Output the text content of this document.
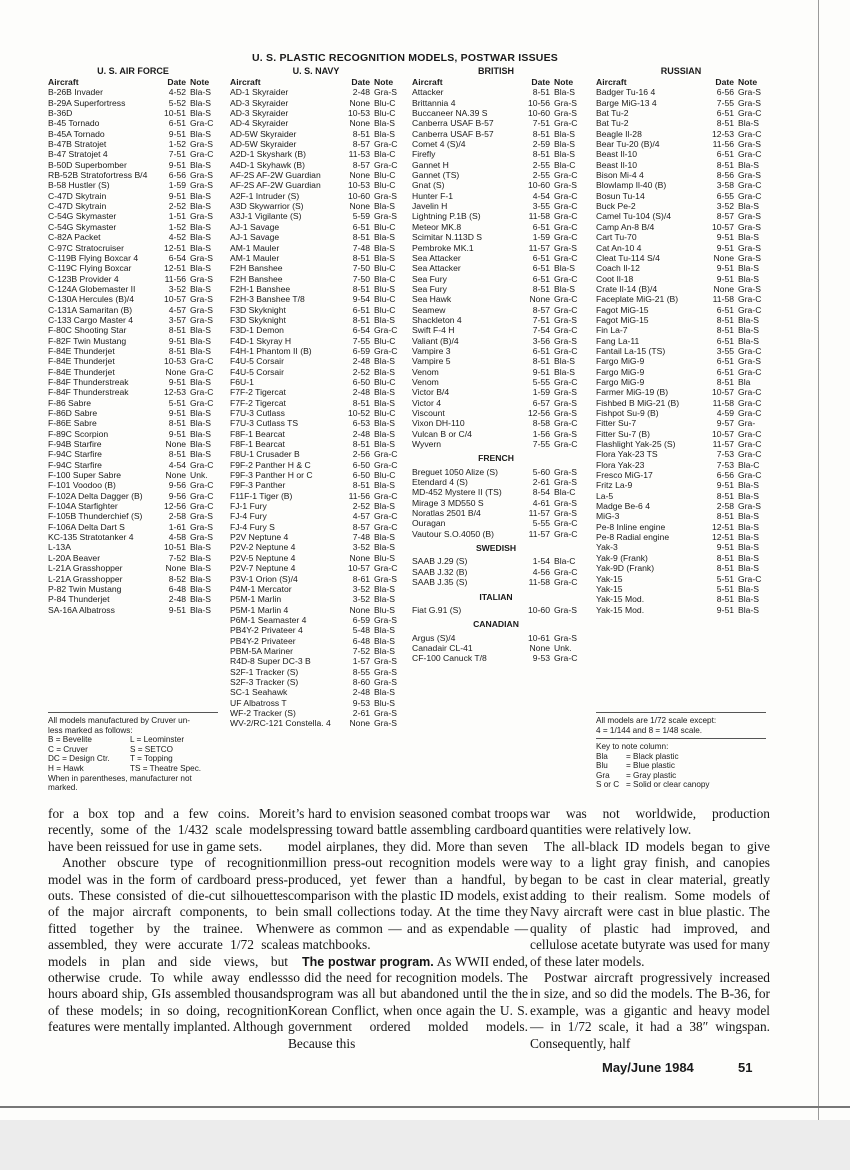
U. S. PLASTIC RECOGNITION MODELS, POSTWAR ISSUES
U. S. AIR FORCE
Aircraft	Date Note
B-26B Invader	4-52 Bla-S
B-29A Superfortress	5-52 Bla-S
B-36D	10-51 Bla-S
B-45 Tornado	6-51 Gra-C
B-45A Tornado	9-51 Bla-S
B-47B Stratojet	1-52 Gra-S
B-47 Stratojet 4	7-51 Gra-C
B-50D Superbomber	9-51 Bla-S
RB-52B Stratofortress B/4	6-56 Gra-S
B-58 Hustler (S)	1-59 Gra-S
C-47D Skytrain	9-51 Bla-S
C-47D Skytrain	2-52 Bla-S
C-54G Skymaster	1-51 Gra-S
C-54G Skymaster	1-52 Bla-S
C-82A Packet	4-52 Bla-S
C-97C Stratocruiser	12-51 Bla-S
C-119B Flying Boxcar 4	6-54 Gra-S
C-119C Flying Boxcar	12-51 Bla-S
C-123B Provider 4	11-56 Gra-S
C-124A Globemaster II	3-52 Bla-S
C-130A Hercules (B)/4	10-57 Gra-S
C-131A Samaritan (B)	4-57 Gra-S
C-133 Cargo Master 4	3-57 Gra-S
F-80C Shooting Star	8-51 Bla-S
F-82F Twin Mustang	9-51 Bla-S
F-84E Thunderjet	8-51 Bla-S
F-84E Thunderjet	10-53 Gra-C
F-84E Thunderjet	None Gra-C
F-84F Thunderstreak	9-51 Bla-S
F-84F Thunderstreak	12-53 Gra-C
F-86 Sabre	5-51 Gra-C
F-86D Sabre	9-51 Bla-S
F-86E Sabre	8-51 Bla-S
F-89C Scorpion	9-51 Bla-S
F-94B Starfire	None Bla-S
F-94C Starfire	8-51 Bla-S
F-94C Starfire	4-54 Gra-C
F-100 Super Sabre	None Unk.
F-101 Voodoo (B)	9-56 Gra-C
F-102A Delta Dagger (B)	9-56 Gra-C
F-104A Starfighter	12-56 Gra-C
F-105B Thunderchief (S)	2-58 Gra-S
F-106A Delta Dart S	1-61 Gra-S
KC-135 Stratotanker 4	4-58 Gra-S
L-13A	10-51 Bla-S
L-20A Beaver	7-52 Bla-S
L-21A Grasshopper	None Bla-S
L-21A Grasshopper	8-52 Bla-S
P-82 Twin Mustang	6-48 Bla-S
P-84 Thunderjet	2-48 Bla-S
SA-16A Albatross	9-51 Bla-S
All models manufactured by Cruver un-
less marked as follows:
B = Bevelite	L = Leominster
C = Cruver	S = SETCO
DC = Design Ctr. T = Topping
H = Hawk	TS = Theatre Spec.
When in parentheses, manufacturer not
marked.
U. S. NAVY
Aircraft	Date Note
AD-1 Skyraider	2-48 Gra-S
AD-3 Skyraider	None Blu-C
AD-3 Skyraider	10-53 Blu-C
AD-4 Skyraider	None Bla-S
AD-5W Skyraider	8-51 Bla-S
AD-5W Skyraider	8-57 Gra-C
A2D-1 Skyshark (B)	11-53 Bla-C
A4D-1 Skyhawk (B)	8-57 Gra-C
AF-2S AF-2W Guardian	None Blu-C
AF-2S AF-2W Guardian	10-53 Blu-C
A2F-1 Intruder (S)	10-60 Gra-S
A3D Skywarrior (S)	None Bla-S
A3J-1 Vigilante (S)	5-59 Gra-S
AJ-1 Savage	6-51 Blu-C
AJ-1 Savage	8-51 Bla-S
AM-1 Mauler	7-48 Bla-S
AM-1 Mauler	8-51 Bla-S
F2H Banshee	7-50 Blu-C
F2H Banshee	7-50 Bla-C
F2H-1 Banshee	8-51 Blu-S
F2H-3 Banshee T/8	9-54 Blu-C
F3D Skyknight	6-51 Blu-C
F3D Skyknight	8-51 Bla-S
F3D-1 Demon	6-54 Gra-C
F4D-1 Skyray H	7-55 Blu-C
F4H-1 Phantom II (B)	6-59 Gra-C
F4U-5 Corsair	2-48 Bla-S
F4U-5 Corsair	2-52 Bla-S
F6U-1	6-50 Blu-C
F7F-2 Tigercat	2-48 Bla-S
F7F-2 Tigercat	8-51 Bla-S
F7U-3 Cutlass	10-52 Blu-C
F7U-3 Cutlass TS	6-53 Bla-S
F8F-1 Bearcat	2-48 Bla-S
F8F-1 Bearcat	8-51 Bla-S
F8U-1 Crusader B	2-56 Gra-C
F9F-2 Panther H & C	6-50 Gra-C
F9F-3 Panther H or C	6-50 Blu-C
F9F-3 Panther	8-51 Bla-S
F11F-1 Tiger (B)	11-56 Gra-C
FJ-1 Fury	2-52 Bla-S
FJ-4 Fury	4-57 Gra-C
FJ-4 Fury S	8-57 Gra-C
P2V Neptune 4	7-48 Bla-S
P2V-2 Neptune 4	3-52 Bla-S
P2V-5 Neptune 4	None Blu-S
P2V-7 Neptune 4	10-57 Gra-C
P3V-1 Orion (S)/4	8-61 Gra-S
P4M-1 Mercator	3-52 Bla-S
P5M-1 Marlin	3-52 Bla-S
P5M-1 Marlin 4	None Blu-S
P6M-1 Seamaster 4	6-59 Gra-S
PB4Y-2 Privateer 4	5-48 Bla-S
PB4Y-2 Privateer	6-48 Bla-S
PBM-5A Mariner	7-52 Bla-S
R4D-8 Super DC-3 B	1-57 Gra-S
S2F-1 Tracker (S)	8-55 Gra-S
S2F-3 Tracker (S)	8-60 Gra-S
SC-1 Seahawk	2-48 Bla-S
UF Albatross T	9-53 Blu-S
WF-2 Tracker (S)	2-61 Gra-S
WV-2/RC-121 Constella. 4	None Gra-S
BRITISH
Aircraft	Date Note
Attacker	8-51 Bla-S
Brittannia 4	10-56 Gra-S
Buccaneer NA.39 S	10-60 Gra-S
Canberra USAF B-57	7-51 Gra-C
Canberra USAF B-57	8-51 Bla-S
Comet 4 (S)/4	2-59 Bla-S
Firefly	8-51 Bla-S
Gannet H	2-55 Bla-C
Gannet (TS)	2-55 Gra-C
Gnat (S)	10-60 Gra-S
Hunter F-1	4-54 Gra-C
Javelin H	3-55 Gra-C
Lightning P.1B (S)	11-58 Gra-C
Meteor MK.8	6-51 Gra-C
Scimitar N.113D S	1-59 Gra-C
Pembroke MK.1	11-57 Gra-S
Sea Attacker	6-51 Gra-C
Sea Attacker	6-51 Bla-S
Sea Fury	6-51 Gra-C
Sea Fury	8-51 Bla-S
Sea Hawk	None Gra-C
Seamew	8-57 Gra-C
Shackleton 4	7-51 Gra-S
Swift F-4 H	7-54 Gra-C
Valiant (B)/4	3-56 Gra-S
Vampire 3	6-51 Gra-C
Vampire 5	8-51 Bla-S
Venom	9-51 Bla-S
Venom	5-55 Gra-C
Victor B/4	1-59 Gra-S
Victor 4	6-57 Gra-S
Viscount	12-56 Gra-S
Vixon DH-110	8-58 Gra-C
Vulcan B or C/4	1-56 Gra-S
Wyvern	7-55 Gra-C
FRENCH
Breguet 1050 Alize (S)	5-60 Gra-S
Etendard 4 (S)	2-61 Gra-S
MD-452 Mystere II (TS)	8-54 Bla-C
Mirage 3 MD550 S	4-61 Gra-S
Noratlas 2501 B/4	11-57 Gra-S
Ouragan	5-55 Gra-C
Vautour S.O.4050 (B)	11-57 Gra-C
SWEDISH
SAAB J.29 (S)	1-54 Bla-C
SAAB J.32 (B)	4-56 Gra-C
SAAB J.35 (S)	11-58 Gra-C
ITALIAN
Fiat G.91 (S)	10-60 Gra-S
CANADIAN
Argus (S)/4	10-61 Gra-S
Canadair CL-41	None Unk.
CF-100 Canuck T/8	9-53 Gra-C
RUSSIAN
Aircraft	Date Note
Badger Tu-16 4	6-56 Gra-S
Barge MiG-13 4	7-55 Gra-S
Bat Tu-2	6-51 Gra-C
Bat Tu-2	8-51 Bla-S
Beagle Il-28	12-53 Gra-C
Bear Tu-20 (B)/4	11-56 Gra-S
Beast Il-10	6-51 Gra-C
Beast Il-10	8-51 Bla-S
Bison Mi-4 4	8-56 Gra-S
Blowlamp Il-40 (B)	3-58 Gra-C
Bosun Tu-14	6-55 Gra-C
Buck Pe-2	3-52 Bla-S
Camel Tu-104 (S)/4	8-57 Gra-S
Camp An-8 B/4	10-57 Gra-S
Cart Tu-70	9-51 Bla-S
Cat An-10 4	9-51 Gra-S
Cleat Tu-114 S/4	None Gra-S
Coach Il-12	9-51 Bla-S
Coot Il-18	9-51 Bla-S
Crate Il-14 (B)/4	None Gra-S
Faceplate MiG-21 (B)	11-58 Gra-C
Fagot MiG-15	6-51 Gra-C
Fagot MiG-15	8-51 Bla-S
Fin La-7	8-51 Bla-S
Fang La-11	6-51 Bla-S
Fantail La-15 (TS)	3-55 Gra-C
Fargo MiG-9	6-51 Gra-S
Fargo MiG-9	6-51 Gra-C
Fargo MiG-9	8-51 Bla
Farmer MiG-19 (B)	10-57 Gra-C
Fishbed B MiG-21 (B)	11-58 Gra-C
Fishpot Su-9 (B)	4-59 Gra-C
Fitter Su-7	9-57 Gra-
Fitter Su-7 (B)	10-57 Gra-C
Flashlight Yak-25 (S)	11-57 Gra-C
Flora Yak-23 TS	7-53 Gra-C
Flora Yak-23	7-53 Bla-C
Fresco MiG-17	6-56 Gra-C
Fritz La-9	9-51 Bla-S
La-5	8-51 Bla-S
Madge Be-6 4	2-58 Gra-S
MiG-3	8-51 Bla-S
Pe-8 Inline engine	12-51 Bla-S
Pe-8 Radial engine	12-51 Bla-S
Yak-3	9-51 Bla-S
Yak-9 (Frank)	8-51 Bla-S
Yak-9D (Frank)	8-51 Bla-S
Yak-15	5-51 Gra-C
Yak-15	5-51 Bla-S
Yak-15 Mod.	8-51 Bla-S
Yak-15 Mod.	9-51 Bla-S
All models are 1/72 scale except:
4 = 1/144 and 8 = 1/48 scale.
Key to note column:
Bla = Black plastic
Blu = Blue plastic
Gra = Gray plastic
S or C = Solid or clear canopy

for a box top and a few coins. More recently, some of the 1/432 scale models have been reissued for use in game sets.

Another obscure type of recognition model was in the form of cardboard press-outs. These consisted of die-cut silhouettes of the major aircraft components, to be fitted together by the trainee. When assembled, they were accurate 1/72 scale models in plan and side views, but otherwise crude. To while away endless hours aboard ship, GIs assembled thousands of these models; in so doing, recognition features were mentally implanted. Although

it’s hard to envision seasoned combat troops pressing toward battle assembling cardboard model airplanes, they did. More than seven million press-out recognition models were produced, yet fewer than a handful, by comparison with the plastic ID models, exist in small collections today. At the time they were as common — and as expendable — as matchbooks.

The postwar program. As WWII ended, so did the need for recognition models. The program was all but abandoned until the the Korean Conflict, when once again the U. S. government ordered molded models. Because this

war was not worldwide, production quantities were relatively low.

The all-black ID models began to give way to a light gray finish, and canopies began to be cast in clear material, greatly adding to their realism. Some models of Navy aircraft were cast in blue plastic. The quality of plastic had improved, and cellulose acetate butyrate was used for many of these later models.

Postwar aircraft progressively increased in size, and so did the models. The B-36, for example, was a gigantic and heavy model — in 1/72 scale, it had a 38″ wingspan. Consequently, half

May/June 1984	51
